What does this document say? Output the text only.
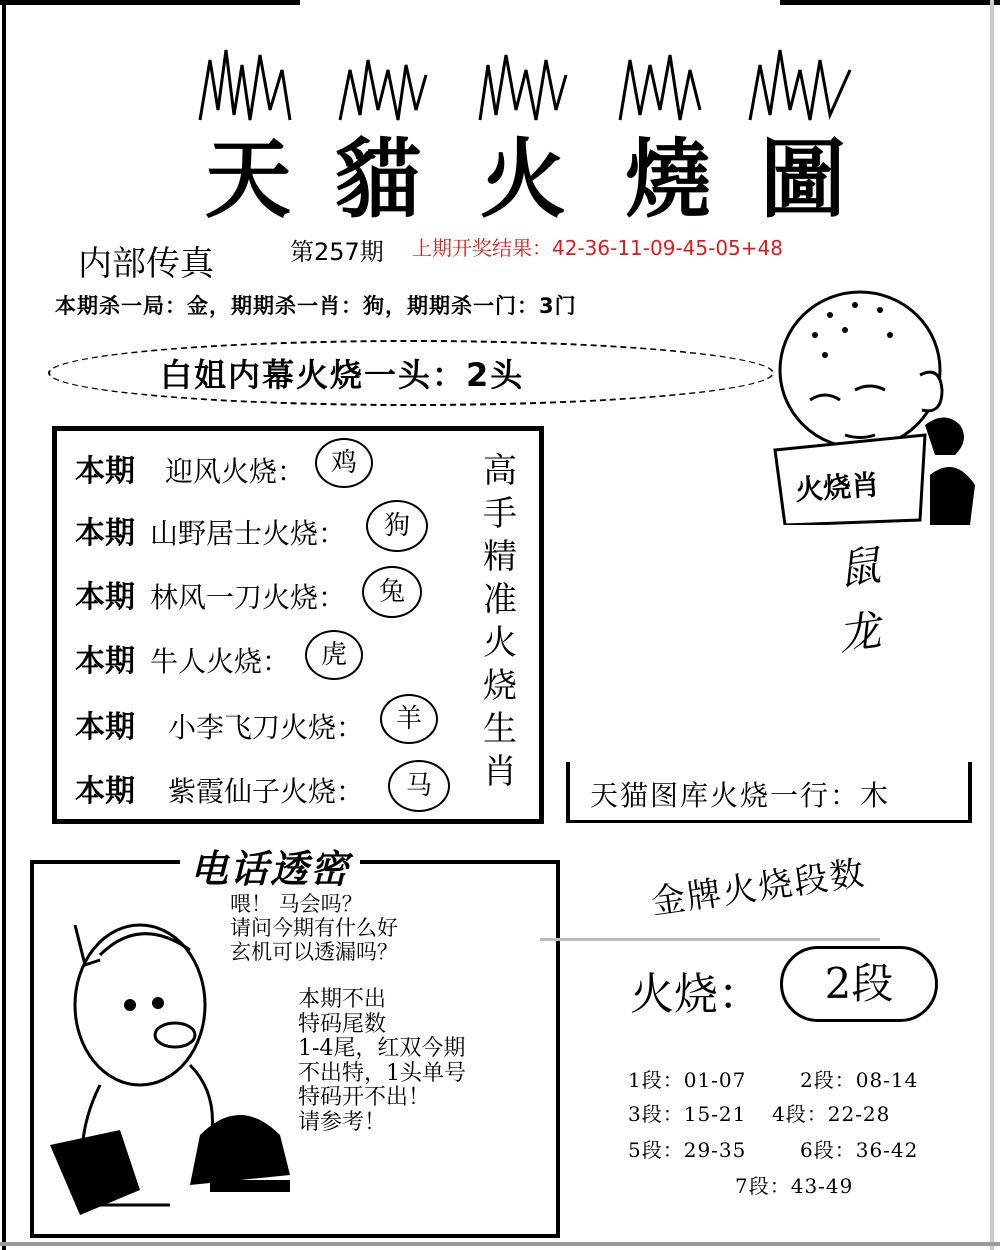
天 貓 火 燒 圖
内部传真	第257期 上期开奖结果：42-36-11-09-45-05+48
本期杀一局：金，期期杀一肖：狗，期期杀一门：3门
白姐内幕火烧一头：2头
本期 迎风火烧： 鸡
本期 山野居士火烧：	狗
本期 林风一刀火烧：	兔
本期 牛人火烧：	虎
本期 小李飞刀火烧：	羊
本期 紫霞仙子火烧：	马
高手精准火烧生肖
火烧肖
鼠
龙
天猫图库火烧一行：木
电话透密
喂！ 马会吗？
请问今期有什么好
玄机可以透漏吗？
本期不出
特码尾数
1-4尾，红双今期
不出特，1头单号
特码开不出！
请参考！
金牌火烧段数
火烧：	2段
1段：01-07	2段：08-14
3段：15-21 4段：22-28
5段：29-35	6段：36-42
7段：43-49
